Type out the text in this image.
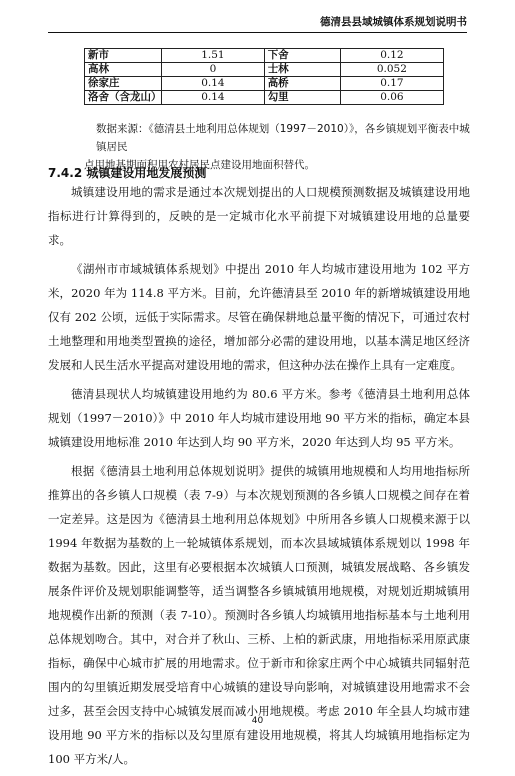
德清县县域城镇体系规划说明书
新市	1.51	下舍	0.12
高林	0	士林	0.052
徐家庄	0.14	高桥	0.17
洛舍（含龙山）	0.14	勾里	0.06
数据来源：《德清县土地利用总体规划（1997－2010）》，各乡镇规划平衡表中城镇居民
点用地基期面积用农村居民点建设用地面积替代。
7.4.2 城镇建设用地发展预测

城镇建设用地的需求是通过本次规划提出的人口规模预测数据及城镇建设用地指标进行计算得到的，反映的是一定城市化水平前提下对城镇建设用地的总量要求。

《湖州市市域城镇体系规划》中提出 2010 年人均城市建设用地为 102 平方米，2020 年为 114.8 平方米。目前，允许德清县至 2010 年的新增城镇建设用地仅有 202 公顷，远低于实际需求。尽管在确保耕地总量平衡的情况下，可通过农村土地整理和用地类型置换的途径，增加部分必需的建设用地，以基本满足地区经济发展和人民生活水平提高对建设用地的需求，但这种办法在操作上具有一定难度。

德清县现状人均城镇建设用地约为 80.6 平方米。参考《德清县土地利用总体规划（1997－2010）》中 2010 年人均城市建设用地 90 平方米的指标，确定本县城镇建设用地标准 2010 年达到人均 90 平方米，2020 年达到人均 95 平方米。

根据《德清县土地利用总体规划说明》提供的城镇用地规模和人均用地指标所推算出的各乡镇人口规模（表 7-9）与本次规划预测的各乡镇人口规模之间存在着一定差异。这是因为《德清县土地利用总体规划》中所用各乡镇人口规模来源于以 1994 年数据为基数的上一轮城镇体系规划，而本次县域城镇体系规划以 1998 年数据为基数。因此，这里有必要根据本次城镇人口预测，城镇发展战略、各乡镇发展条件评价及规划职能调整等，适当调整各乡镇城镇用地规模，对规划近期城镇用地规模作出新的预测（表 7-10）。预测时各乡镇人均城镇用地指标基本与土地利用总体规划吻合。其中，对合并了秋山、三桥、上柏的新武康，用地指标采用原武康指标，确保中心城市扩展的用地需求。位于新市和徐家庄两个中心城镇共同辐射范围内的勾里镇近期发展受培育中心城镇的建设导向影响，对城镇建设用地需求不会过多，甚至会因支持中心城镇发展而减小用地规模。考虑 2010 年全县人均城市建设用地 90 平方米的指标以及勾里原有建设用地规模，将其人均城镇用地指标定为 100 平方米/人。

40
